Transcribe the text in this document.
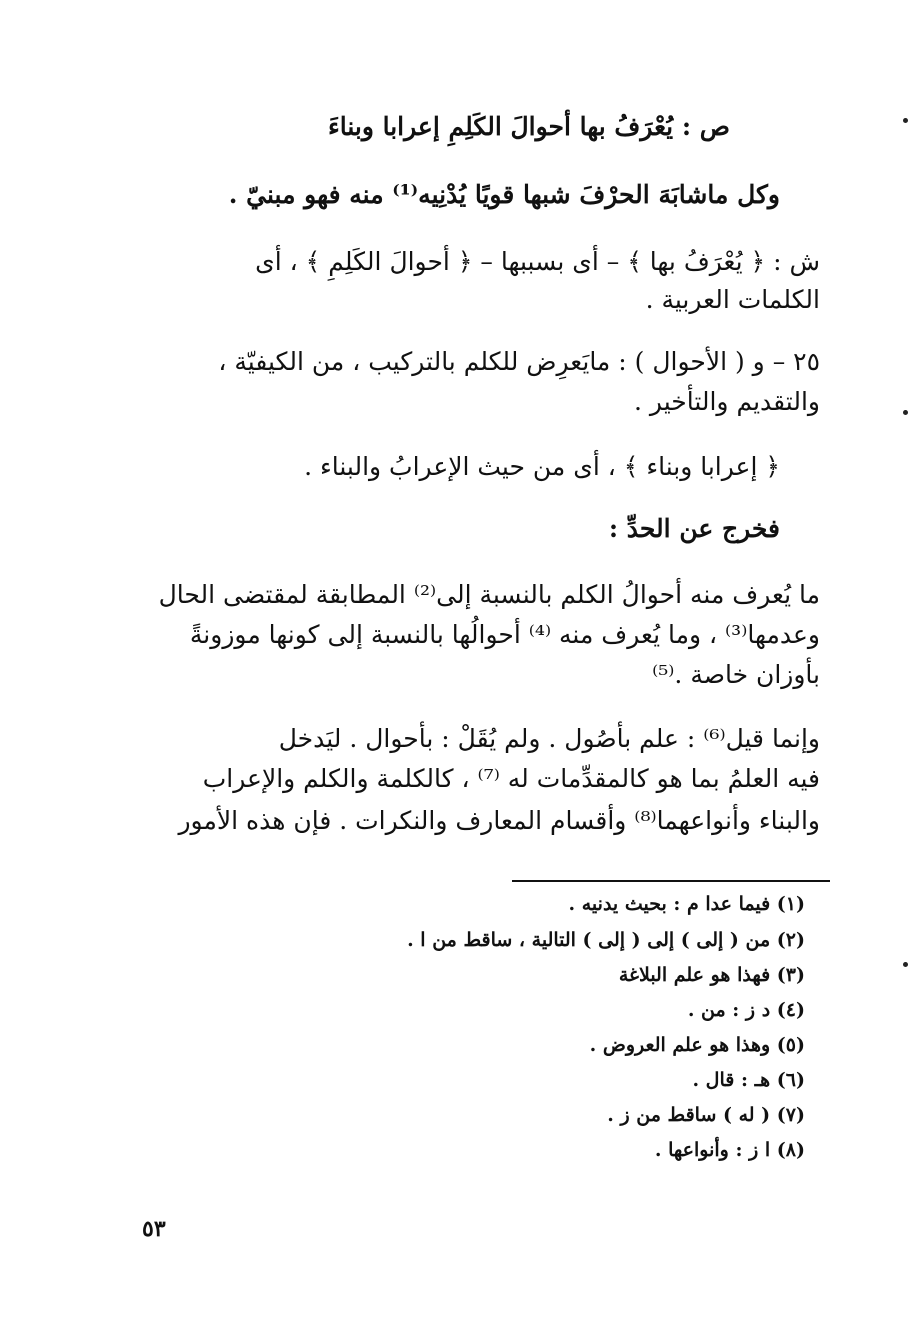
ص : يُعْرَفُ بها أحوالَ الكَلِمِ إعرابا وبناءَ
وكل ماشابَهَ الحرْفَ شبها قويًا يُدْنِيه⁽¹⁾ منه فهو مبنيّ .
ش : ﴿ يُعْرَفُ بها ﴾ – أى بسببها – ﴿ أحوالَ الكَلِمِ ﴾ ، أى
الكلمات العربية .
٢٥ – و ( الأحوال ) : مايَعرِض للكلم بالتركيب ، من الكيفيّة ،
والتقديم والتأخير .
﴿ إعرابا وبناء ﴾ ، أى من حيث الإعرابُ والبناء .
فخرج عن الحدِّ :
ما يُعرف منه أحوالُ الكلم بالنسبة إلى⁽²⁾ المطابقة لمقتضى الحال
وعدمها⁽³⁾ ، وما يُعرف منه ⁽⁴⁾ أحوالُها بالنسبة إلى كونها موزونةً
بأوزان خاصة .⁽⁵⁾
وإنما قيل⁽⁶⁾ : علم بأصُول . ولم يُقَلْ : بأحوال . ليَدخل
فيه العلمُ بما هو كالمقدِّمات له ⁽⁷⁾ ، كالكلمة والكلم والإعراب
والبناء وأنواعهما⁽⁸⁾ وأقسام المعارف والنكرات . فإن هذه الأمور
(١) فيما عدا م : بحيث يدنيه .
(٢) من ( إلى ) إلى ( إلى ) التالية ، ساقط من ا .
(٣) فهذا هو علم البلاغة
(٤) د ز : من .
(٥) وهذا هو علم العروض .
(٦) هـ : قال .
(٧) ( له ) ساقط من ز .
(٨) ا ز : وأنواعها .
٥٣
